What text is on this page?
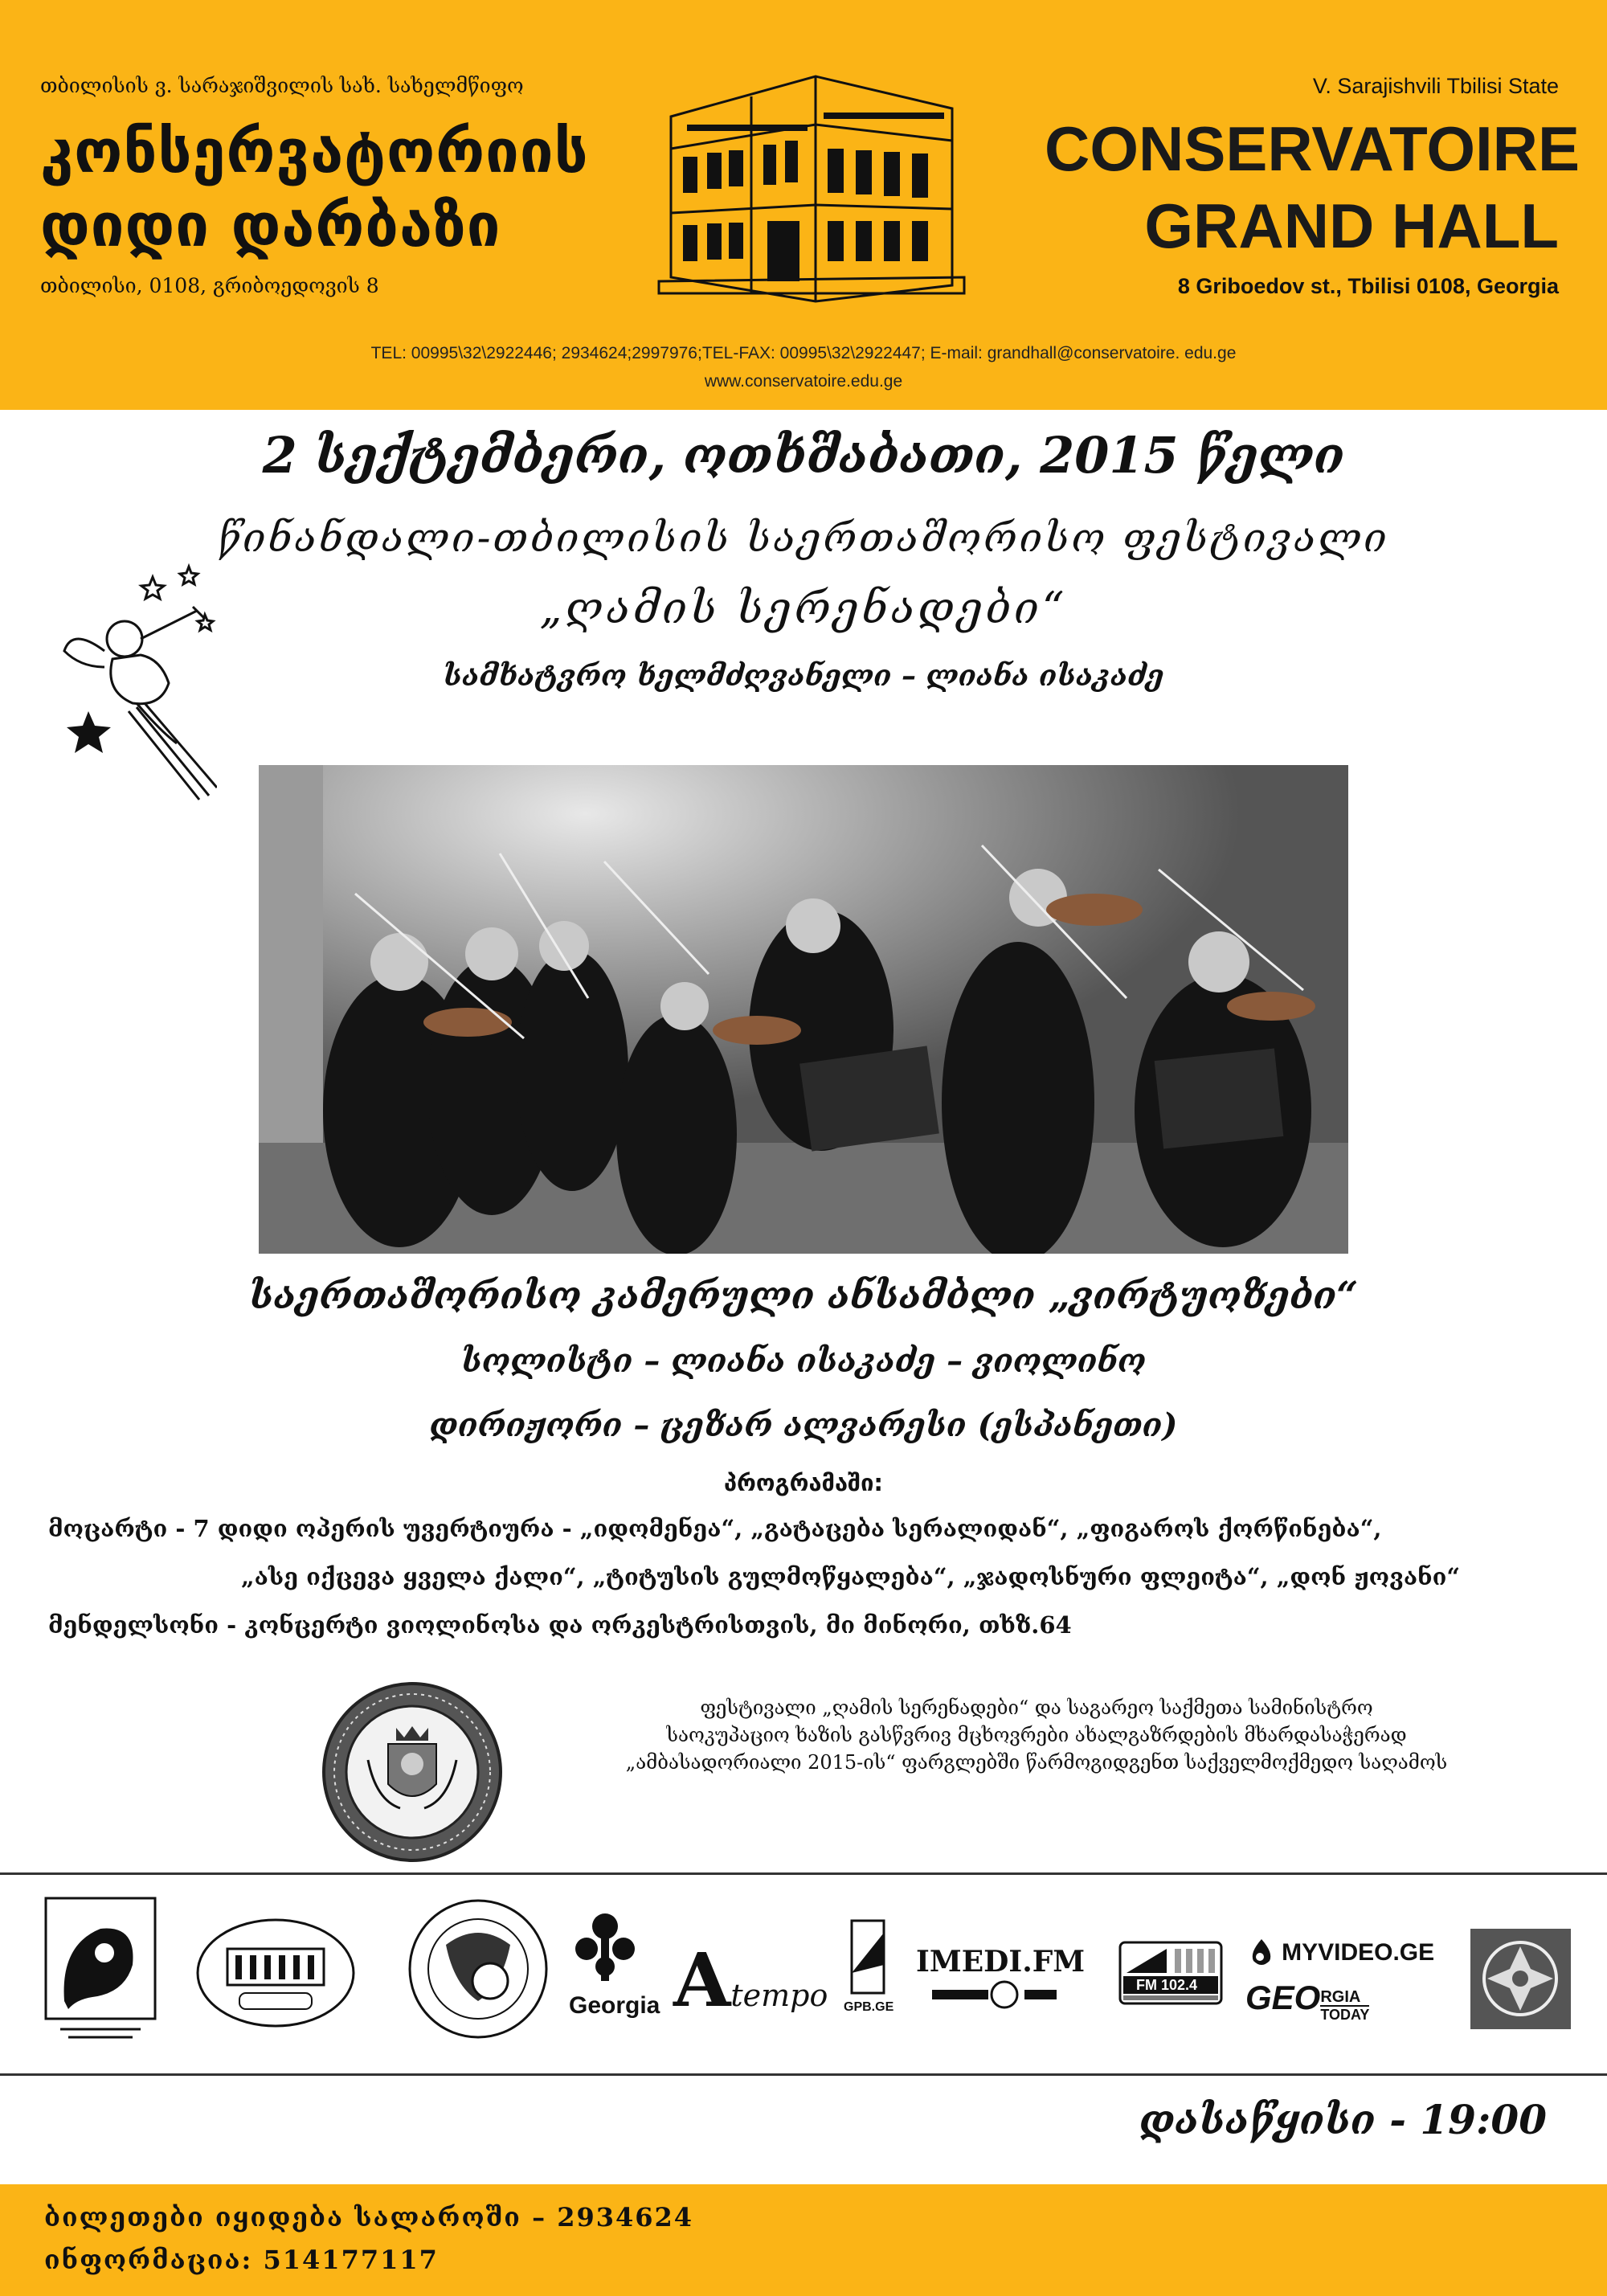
თბილისის ვ. სარაჯიშვილის სახ. სახელმწიფო
კონსერვატორიის
დიდი დარბაზი
თბილისი, 0108, გრიბოედოვის 8
V. Sarajishvili Tbilisi State
CONSERVATOIRE
GRAND HALL
8 Griboedov st., Tbilisi 0108, Georgia
TEL: 00995\32\2922446; 2934624;2997976;TEL-FAX: 00995\32\2922447; E-mail: grandhall@conservatoire. edu.ge
www.conservatoire.edu.ge
2 სექტემბერი, ოთხშაბათი, 2015 წელი
წინანდალი-თბილისის საერთაშორისო ფესტივალი
„ღამის სერენადები“
სამხატვრო ხელმძღვანელი – ლიანა ისაკაძე
საერთაშორისო კამერული ანსამბლი „ვირტუოზები“
სოლისტი – ლიანა ისაკაძე – ვიოლინო
დირიჟორი – ცეზარ ალვარესი (ესპანეთი)
პროგრამაში:
მოცარტი - 7 დიდი ოპერის უვერტიურა - „იდომენეა“, „გატაცება სერალიდან“, „ფიგაროს ქორწინება“,
„ასე იქცევა ყველა ქალი“, „ტიტუსის გულმოწყალება“, „ჯადოსნური ფლეიტა“, „დონ ჟოვანი“
მენდელსონი - კონცერტი ვიოლინოსა და ორკესტრისთვის, მი მინორი, თხზ.64
ფესტივალი „ღამის სერენადები“ და საგარეო საქმეთა სამინისტრო
საოკუპაციო ხაზის გასწვრივ მცხოვრები ახალგაზრდების მხარდასაჭერად
„ამბასადორიალი 2015-ის“ ფარგლებში წარმოგიდგენთ საქველმოქმედო საღამოს
Georgia Atempo	GPB.GE
IMEDI.FM
FM 102.4
MYVIDEO.GE
GEO RGIA
TODAY
დასაწყისი - 19:00
ბილეთები იყიდება სალაროში – 2934624
ინფორმაცია: 514177117
